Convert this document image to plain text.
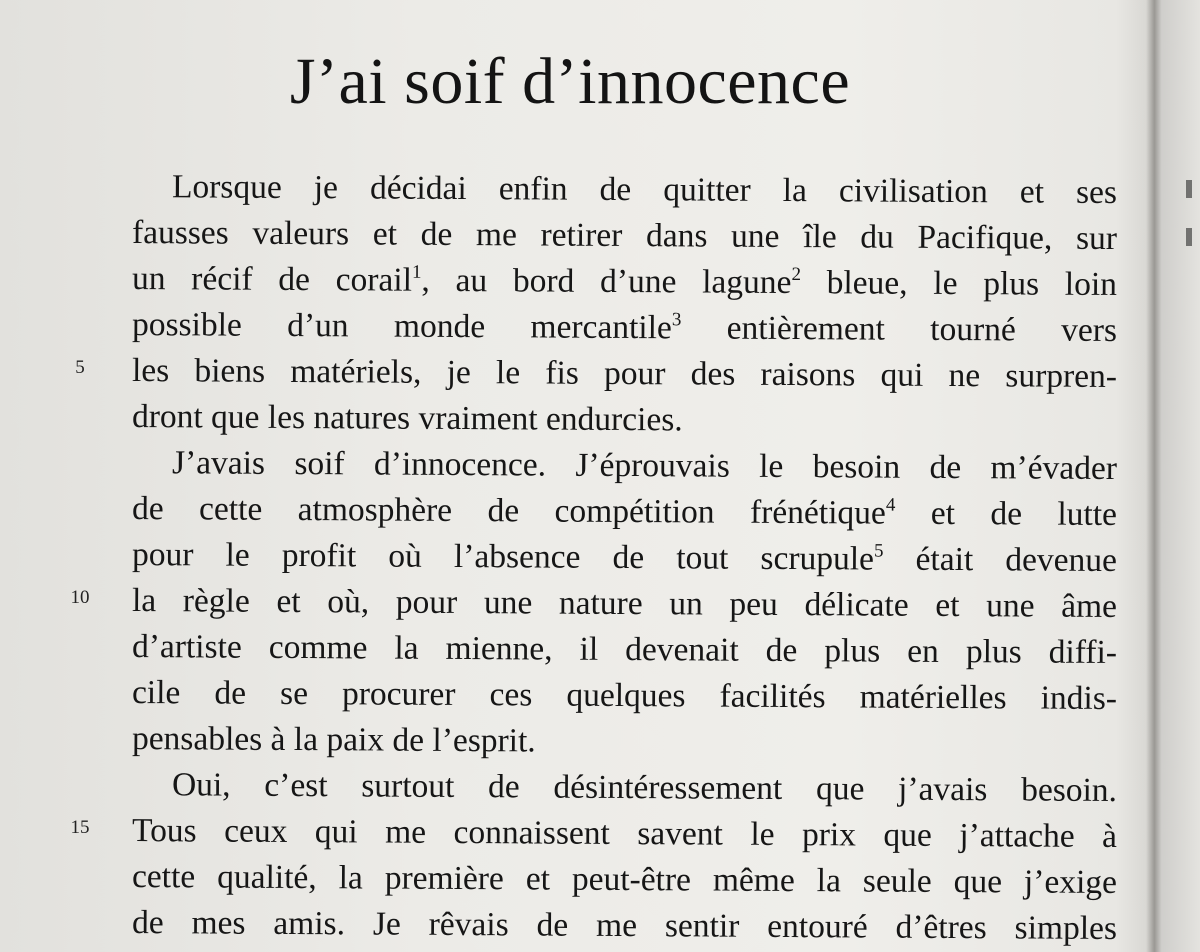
J’ai soif d’innocence
Lorsque je décidai enfin de quitter la civilisation et ses
fausses valeurs et de me retirer dans une île du Pacifique, sur
un récif de corail$^1$, au bord d’une lagune$^2$ bleue, le plus loin
possible d’un monde mercantile$^3$ entièrement tourné vers
les biens matériels, je le fis pour des raisons qui ne surpren-
dront que les natures vraiment endurcies.
J’avais soif d’innocence. J’éprouvais le besoin de m’évader
de cette atmosphère de compétition frénétique$^4$ et de lutte
pour le profit où l’absence de tout scrupule$^5$ était devenue
la règle et où, pour une nature un peu délicate et une âme
d’artiste comme la mienne, il devenait de plus en plus diffi-
cile de se procurer ces quelques facilités matérielles indis-
pensables à la paix de l’esprit.
Oui, c’est surtout de désintéressement que j’avais besoin.
Tous ceux qui me connaissent savent le prix que j’attache à
cette qualité, la première et peut-être même la seule que j’exige
de mes amis. Je rêvais de me sentir entouré d’êtres simples
5
10
15
